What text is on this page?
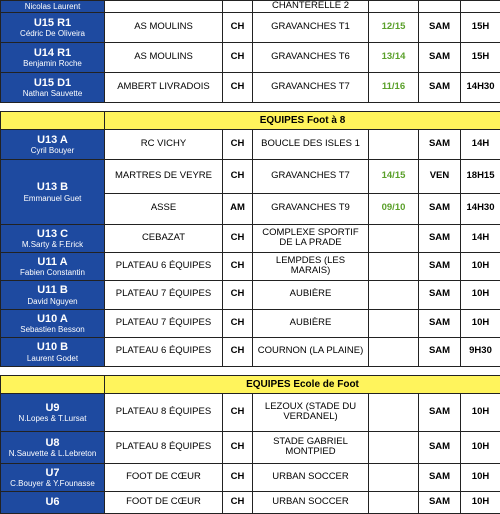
Nicolas Laurent			CHANTERELLE 2			

U15 R1
Cédric De Oliveira	AS MOULINS	CH	GRAVANCHES T1	12/15	SAM	15H

U14 R1
Benjamin Roche	AS MOULINS	CH	GRAVANCHES T6	13/14	SAM	15H

U15 D1
Nathan Sauvette	AMBERT LIVRADOIS	CH	GRAVANCHES T7	11/16	SAM	14H30

	EQUIPES Foot à 8					

U13 A
Cyril Bouyer	RC VICHY	CH	BOUCLE DES ISLES 1		SAM	14H

U13 B
Emmanuel Guet	MARTRES DE VEYRE	CH	GRAVANCHES T7	14/15	VEN	18H15
	ASSE	AM	GRAVANCHES T9	09/10	SAM	14H30

U13 C
M.Sarty & F.Erick	CEBAZAT	CH	COMPLEXE SPORTIF DE LA PRADE		SAM	14H

U11 A
Fabien Constantin	PLATEAU 6 ÉQUIPES	CH	LEMPDES (LES MARAIS)		SAM	10H

U11 B
David Nguyen	PLATEAU 7 ÉQUIPES	CH	AUBIÈRE		SAM	10H

U10 A
Sebastien Besson	PLATEAU 7 ÉQUIPES	CH	AUBIÈRE		SAM	10H

U10 B
Laurent Godet	PLATEAU 6 ÉQUIPES	CH	COURNON (LA PLAINE)		SAM	9H30

	EQUIPES Ecole de Foot					

U9
N.Lopes & T.Lursat	PLATEAU 8 ÉQUIPES	CH	LEZOUX (STADE DU VERDANEL)		SAM	10H

U8
N.Sauvette & L.Lebreton	PLATEAU 8 ÉQUIPES	CH	STADE GABRIEL MONTPIED		SAM	10H

U7
C.Bouyer & Y.Founasse	FOOT DE CŒUR	CH	URBAN SOCCER		SAM	10H

U6	FOOT DE CŒUR	CH	URBAN SOCCER		SAM	10H
